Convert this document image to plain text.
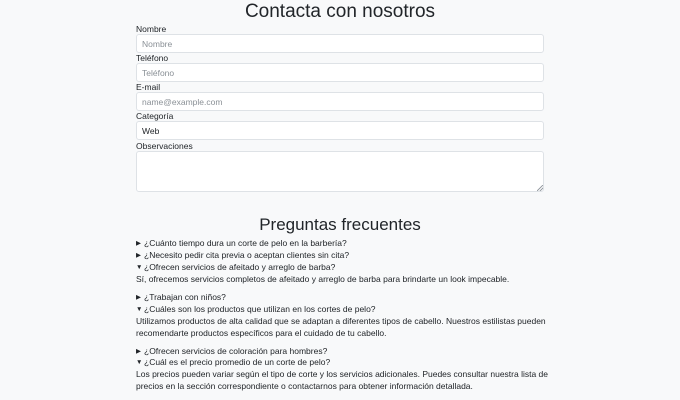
Contacta con nosotros
Nombre
Nombre
Teléfono
Teléfono
E-mail
name@example.com
Categoría
Web
Observaciones
Preguntas frecuentes
▶ ¿Cuánto tiempo dura un corte de pelo en la barbería?
▶ ¿Necesito pedir cita previa o aceptan clientes sin cita?
▼ ¿Ofrecen servicios de afeitado y arreglo de barba?
Sí, ofrecemos servicios completos de afeitado y arreglo de barba para brindarte un look impecable.
▶ ¿Trabajan con niños?
▼ ¿Cuáles son los productos que utilizan en los cortes de pelo?
Utilizamos productos de alta calidad que se adaptan a diferentes tipos de cabello. Nuestros estilistas pueden recomendarte productos específicos para el cuidado de tu cabello.
▶ ¿Ofrecen servicios de coloración para hombres?
▼ ¿Cuál es el precio promedio de un corte de pelo?
Los precios pueden variar según el tipo de corte y los servicios adicionales. Puedes consultar nuestra lista de precios en la sección correspondiente o contactarnos para obtener información detallada.
